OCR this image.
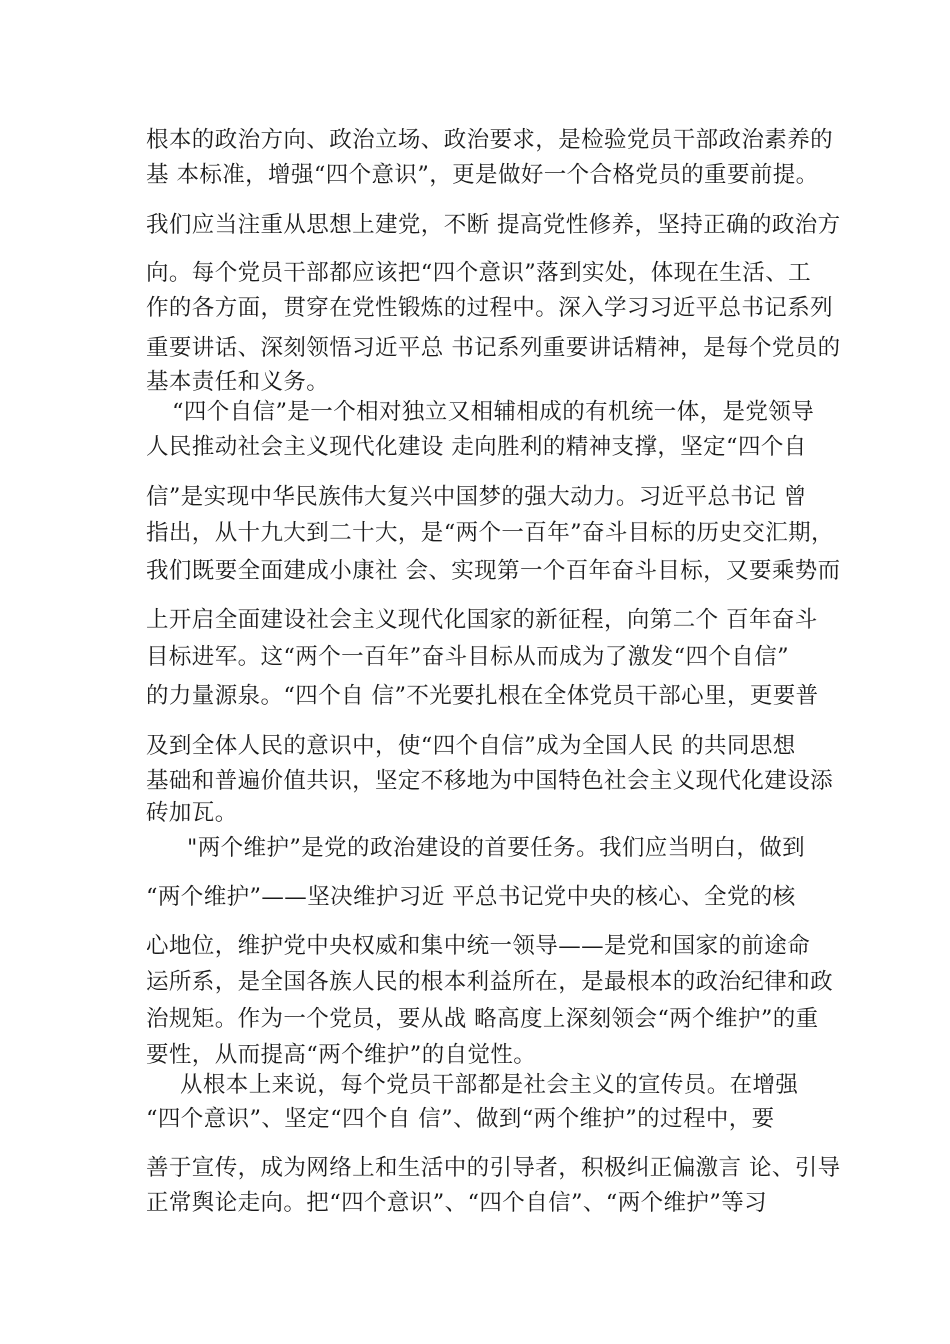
根本的政治方向、政治立场、政治要求，是检验党员干部政治素养的
基 本标准，增强“四个意识”，更是做好一个合格党员的重要前提。
我们应当注重从思想上建党，不断 提高党性修养，坚持正确的政治方
向。每个党员干部都应该把“四个意识”落到实处，体现在生活、工
作的各方面，贯穿在党性锻炼的过程中。深入学习习近平总书记系列
重要讲话、深刻领悟习近平总 书记系列重要讲话精神，是每个党员的
基本责任和义务。
“四个自信”是一个相对独立又相辅相成的有机统一体，是党领导
人民推动社会主义现代化建设 走向胜利的精神支撑，坚定“四个自
信”是实现中华民族伟大复兴中国梦的强大动力。习近平总书记 曾
指出，从十九大到二十大，是“两个一百年”奋斗目标的历史交汇期，
我们既要全面建成小康社 会、实现第一个百年奋斗目标，又要乘势而
上开启全面建设社会主义现代化国家的新征程，向第二个 百年奋斗
目标进军。这“两个一百年”奋斗目标从而成为了激发“四个自信”
的力量源泉。“四个自 信”不光要扎根在全体党员干部心里，更要普
及到全体人民的意识中，使“四个自信”成为全国人民 的共同思想
基础和普遍价值共识，坚定不移地为中国特色社会主义现代化建设添
砖加瓦。
"两个维护”是党的政治建设的首要任务。我们应当明白，做到
“两个维护”——坚决维护习近 平总书记党中央的核心、全党的核
心地位，维护党中央权威和集中统一领导——是党和国家的前途命
运所系，是全国各族人民的根本利益所在，是最根本的政治纪律和政
治规矩。作为一个党员，要从战 略高度上深刻领会“两个维护”的重
要性，从而提高“两个维护”的自觉性。
从根本上来说，每个党员干部都是社会主义的宣传员。在增强
“四个意识”、坚定“四个自 信”、做到“两个维护”的过程中，要
善于宣传，成为网络上和生活中的引导者，积极纠正偏激言 论、引导
正常舆论走向。把“四个意识”、“四个自信”、“两个维护”等习
